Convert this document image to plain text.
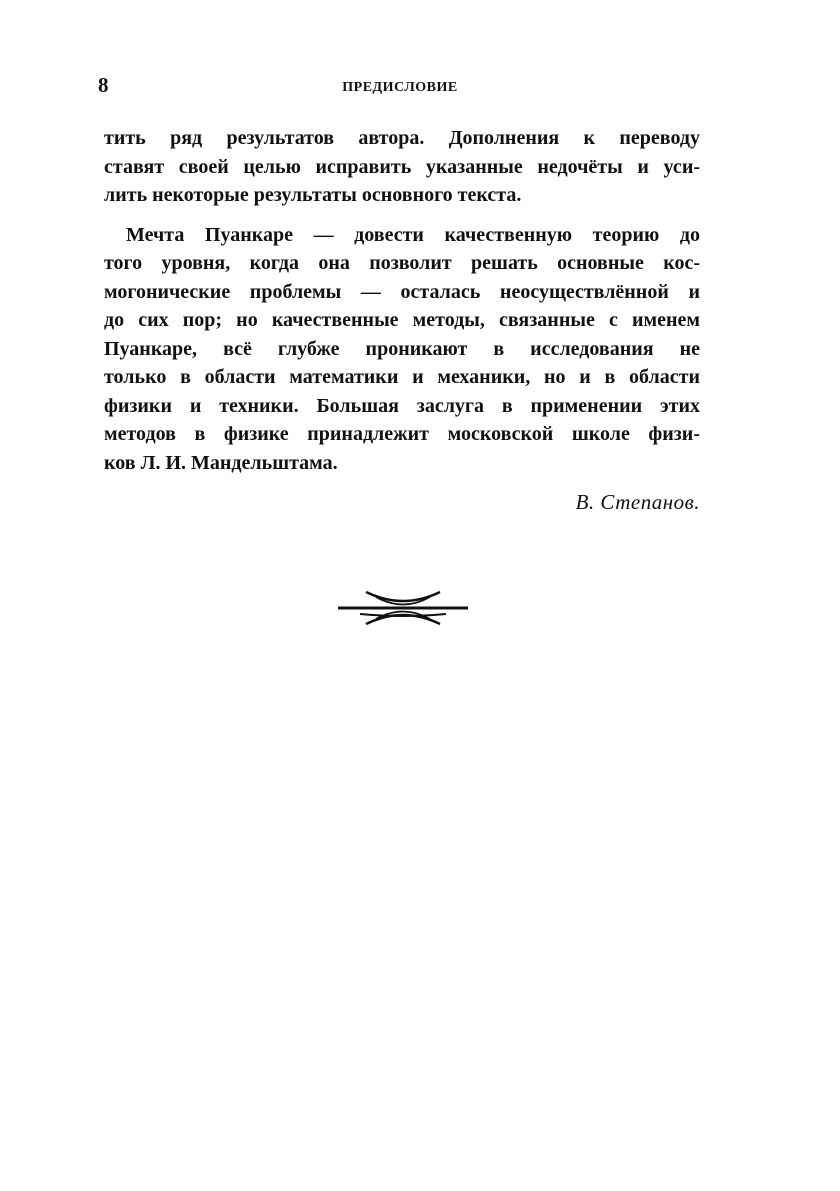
8	ПРЕДИСЛОВИЕ
тить ряд результатов автора. Дополнения к переводу
ставят своей целью исправить указанные недочёты и уси-
лить некоторые результаты основного текста.
Мечта Пуанкаре — довести качественную теорию до
того уровня, когда она позволит решать основные кос-
могонические проблемы — осталась неосуществлённой и
до сих пор; но качественные методы, связанные с именем
Пуанкаре, всё глубже проникают в исследования не
только в области математики и механики, но и в области
физики и техники. Большая заслуга в применении этих
методов в физике принадлежит московской школе физи-
ков Л. И. Мандельштама.
В. Степанов.
